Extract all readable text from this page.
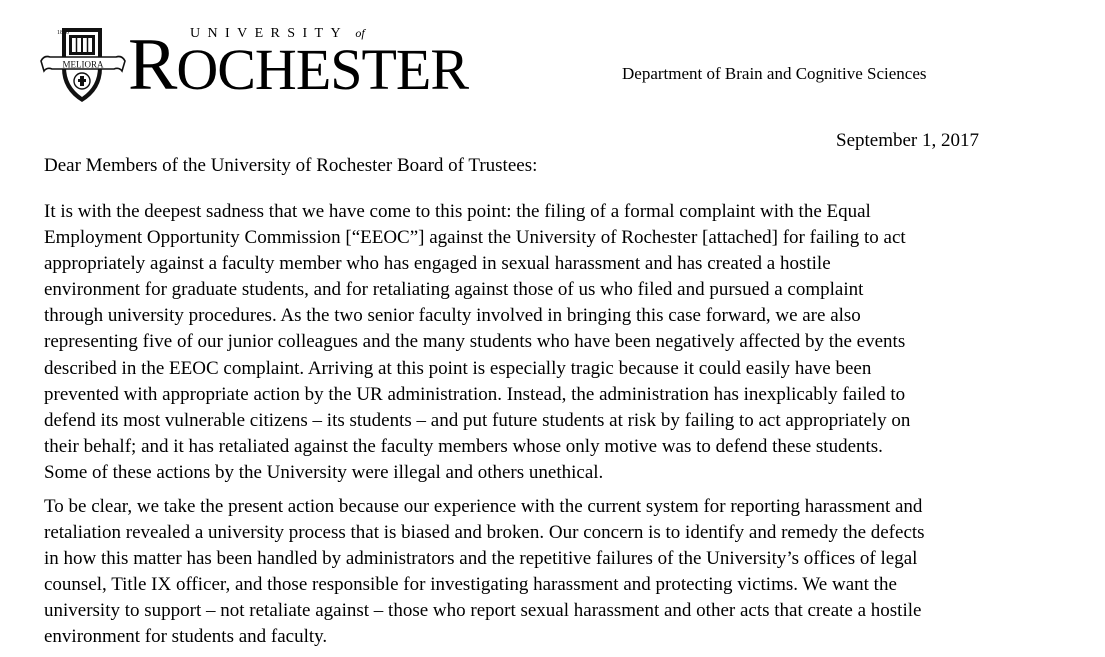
MELIORA
1850	UNIVERSITY of
ROCHESTER	Department of Brain and Cognitive Sciences
September 1, 2017
Dear Members of the University of Rochester Board of Trustees:

It is with the deepest sadness that we have come to this point: the filing of a formal complaint with the Equal
Employment Opportunity Commission [“EEOC”] against the University of Rochester [attached] for failing to act
appropriately against a faculty member who has engaged in sexual harassment and has created a hostile
environment for graduate students, and for retaliating against those of us who filed and pursued a complaint
through university procedures. As the two senior faculty involved in bringing this case forward, we are also
representing five of our junior colleagues and the many students who have been negatively affected by the events
described in the EEOC complaint. Arriving at this point is especially tragic because it could easily have been
prevented with appropriate action by the UR administration. Instead, the administration has inexplicably failed to
defend its most vulnerable citizens – its students – and put future students at risk by failing to act appropriately on
their behalf; and it has retaliated against the faculty members whose only motive was to defend these students.
Some of these actions by the University were illegal and others unethical.

To be clear, we take the present action because our experience with the current system for reporting harassment and
retaliation revealed a university process that is biased and broken. Our concern is to identify and remedy the defects
in how this matter has been handled by administrators and the repetitive failures of the University’s offices of legal
counsel, Title IX officer, and those responsible for investigating harassment and protecting victims. We want the
university to support – not retaliate against – those who report sexual harassment and other acts that create a hostile
environment for students and faculty.
